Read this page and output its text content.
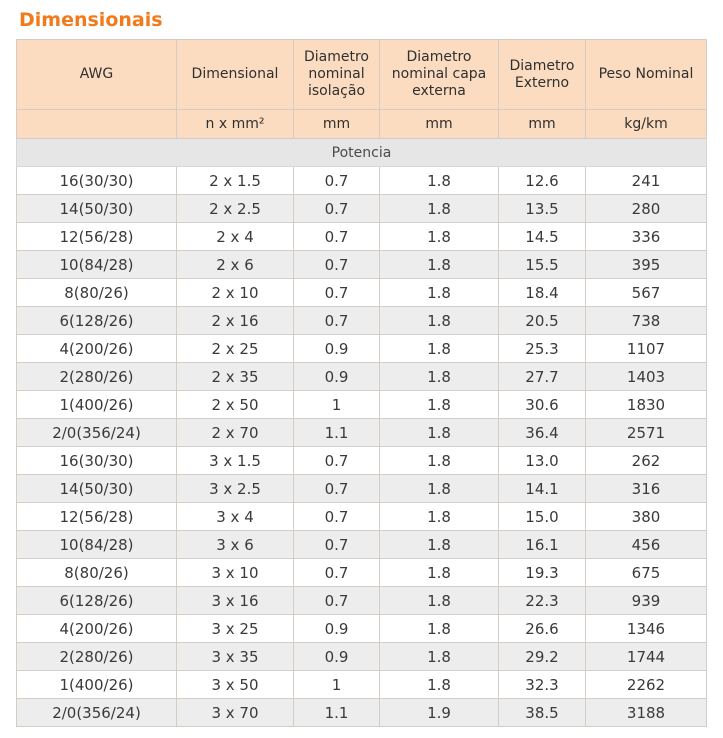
Dimensionais
AWG	Dimensional	Diametro nominal isolação	Diametro nominal capa externa	Diametro Externo	Peso Nominal
	n x mm²	mm	mm	mm	kg/km
Potencia					
16(30/30)	2 x 1.5	0.7	1.8	12.6	241
14(50/30)	2 x 2.5	0.7	1.8	13.5	280
12(56/28)	2 x 4	0.7	1.8	14.5	336
10(84/28)	2 x 6	0.7	1.8	15.5	395
8(80/26)	2 x 10	0.7	1.8	18.4	567
6(128/26)	2 x 16	0.7	1.8	20.5	738
4(200/26)	2 x 25	0.9	1.8	25.3	1107
2(280/26)	2 x 35	0.9	1.8	27.7	1403
1(400/26)	2 x 50	1	1.8	30.6	1830
2/0(356/24)	2 x 70	1.1	1.8	36.4	2571
16(30/30)	3 x 1.5	0.7	1.8	13.0	262
14(50/30)	3 x 2.5	0.7	1.8	14.1	316
12(56/28)	3 x 4	0.7	1.8	15.0	380
10(84/28)	3 x 6	0.7	1.8	16.1	456
8(80/26)	3 x 10	0.7	1.8	19.3	675
6(128/26)	3 x 16	0.7	1.8	22.3	939
4(200/26)	3 x 25	0.9	1.8	26.6	1346
2(280/26)	3 x 35	0.9	1.8	29.2	1744
1(400/26)	3 x 50	1	1.8	32.3	2262
2/0(356/24)	3 x 70	1.1	1.9	38.5	3188
